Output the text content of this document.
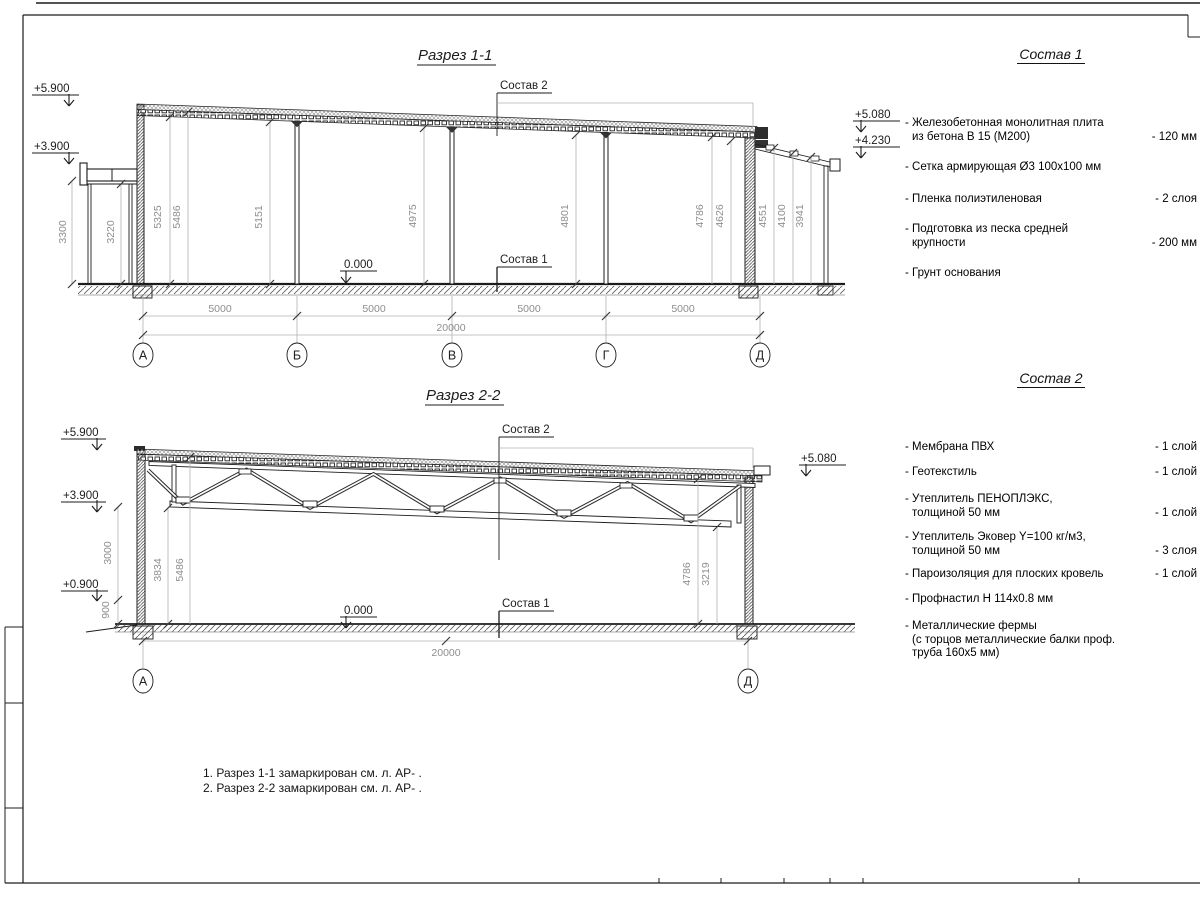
Разрез 1-1
Состав 2
Состав 1
+5.900
+3.900
+5.080
+4.230
0.000
3300	3220
5325 5486	5151	4975	4801	4786 4626	4551 4100 3941
5000	5000	5000	5000
20000
А	Б	В	Г	Д
Разрез 2-2
Состав 2
Состав 1
+5.900
+3.900
+0.900
+5.080
0.000
3000
900
3834 5486	4786 3219
20000
А	Д
Состав 1
- Железобетонная монолитная плита
из бетона В 15 (М200)	- 120 мм
- Сетка армирующая Ø3 100x100 мм
- Пленка полиэтиленовая	- 2 слоя
- Подготовка из песка средней
крупности	- 200 мм
- Грунт основания
Состав 2
- Мембрана ПВХ	- 1 слой
- Геотекстиль	- 1 слой
- Утеплитель ПЕНОПЛЭКС,
толщиной 50 мм	- 1 слой
- Утеплитель Эковер Y=100 кг/м3,
толщиной 50 мм	- 3 слоя
- Пароизоляция для плоских кровель	- 1 слой
- Профнастил Н 114x0.8 мм
- Металлические фермы
(с торцов металлические балки проф.
труба 160x5 мм)
1. Разрез 1-1 замаркирован см. л. АР- .
2. Разрез 2-2 замаркирован см. л. АР- .
